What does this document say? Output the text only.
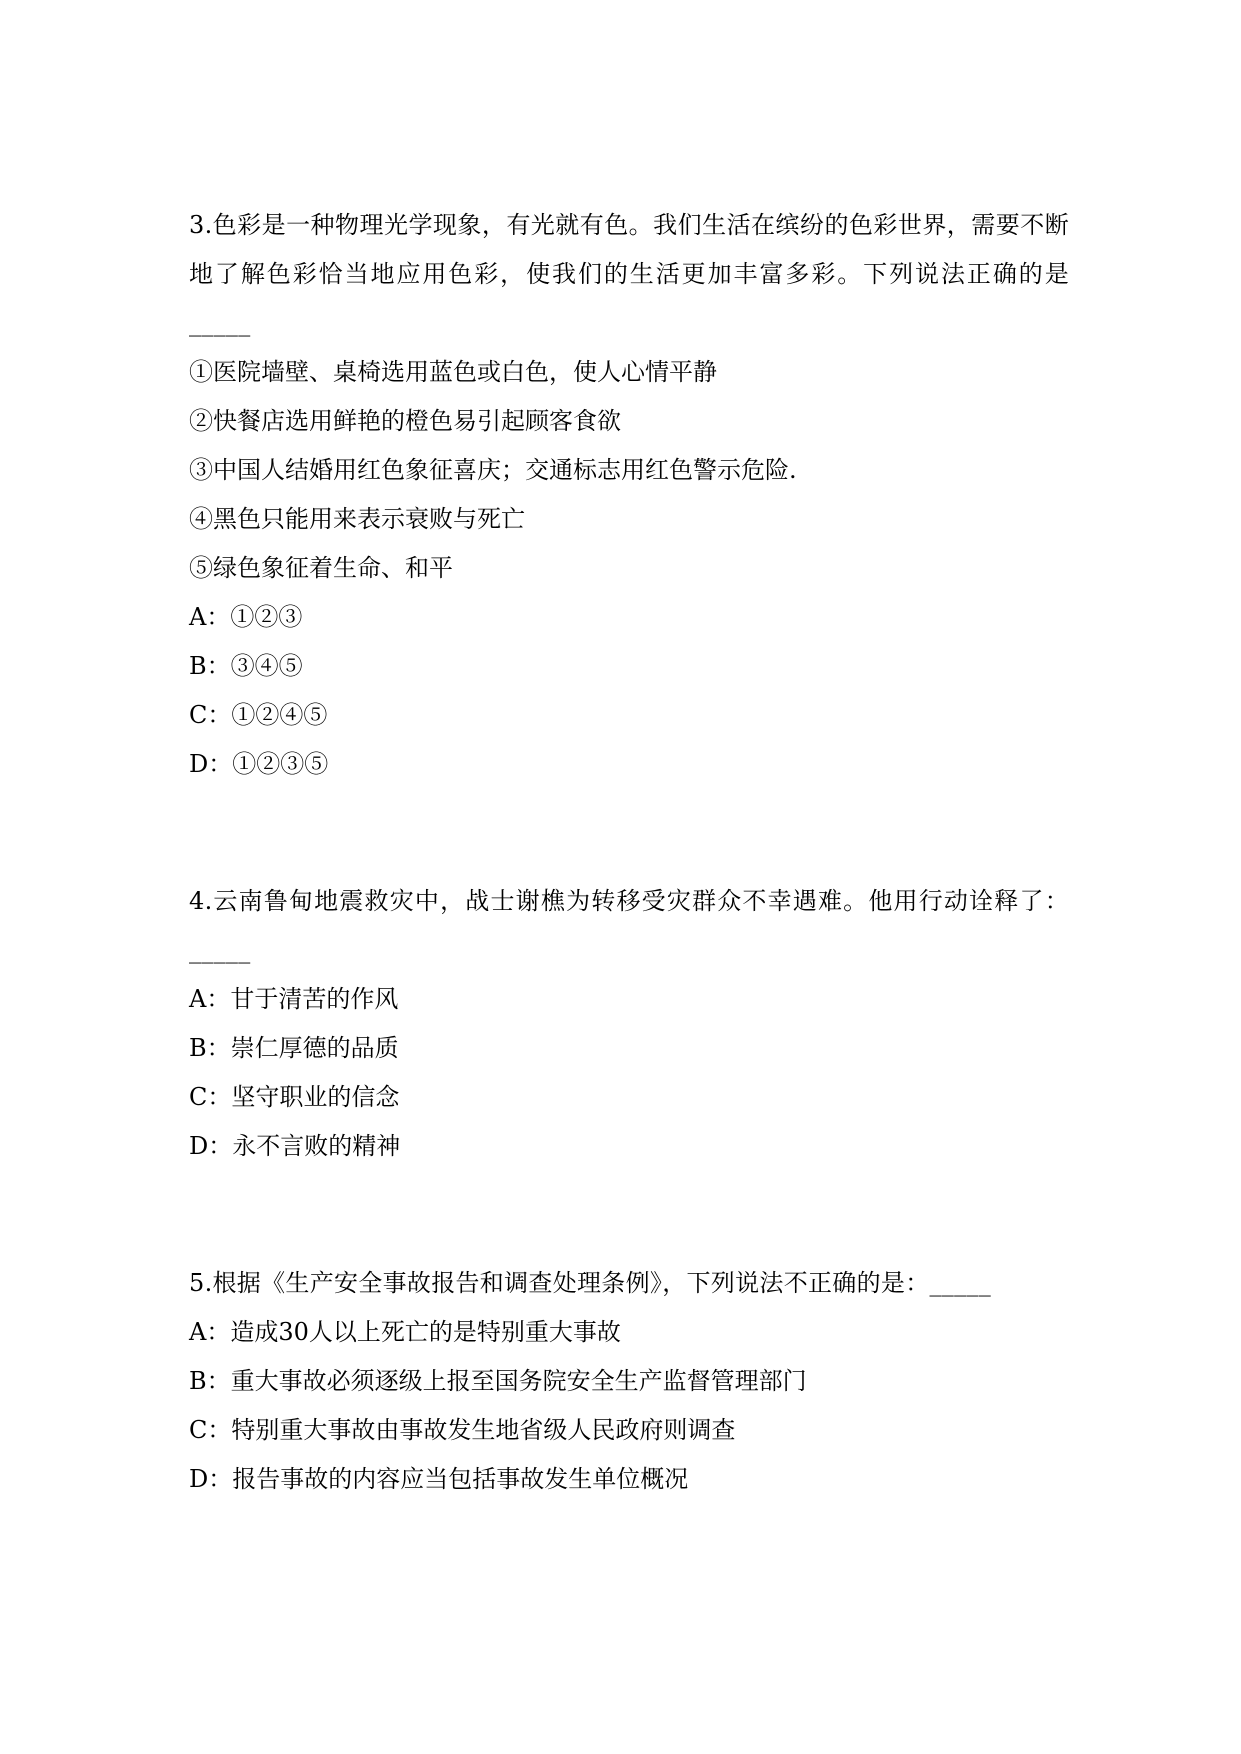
3.色彩是一种物理光学现象，有光就有色。我们生活在缤纷的色彩世界，需要不断地了解色彩恰当地应用色彩，使我们的生活更加丰富多彩。下列说法正确的是_____

①医院墙壁、桌椅选用蓝色或白色，使人心情平静

②快餐店选用鲜艳的橙色易引起顾客食欲

③中国人结婚用红色象征喜庆；交通标志用红色警示危险.

④黑色只能用来表示衰败与死亡

⑤绿色象征着生命、和平

A：①②③

B：③④⑤

C：①②④⑤

D：①②③⑤

4.云南鲁甸地震救灾中，战士谢樵为转移受灾群众不幸遇难。他用行动诠释了：_____

A：甘于清苦的作风

B：崇仁厚德的品质

C：坚守职业的信念

D：永不言败的精神

5.根据《生产安全事故报告和调查处理条例》，下列说法不正确的是：_____

A：造成30人以上死亡的是特别重大事故

B：重大事故必须逐级上报至国务院安全生产监督管理部门

C：特别重大事故由事故发生地省级人民政府则调查

D：报告事故的内容应当包括事故发生单位概况
